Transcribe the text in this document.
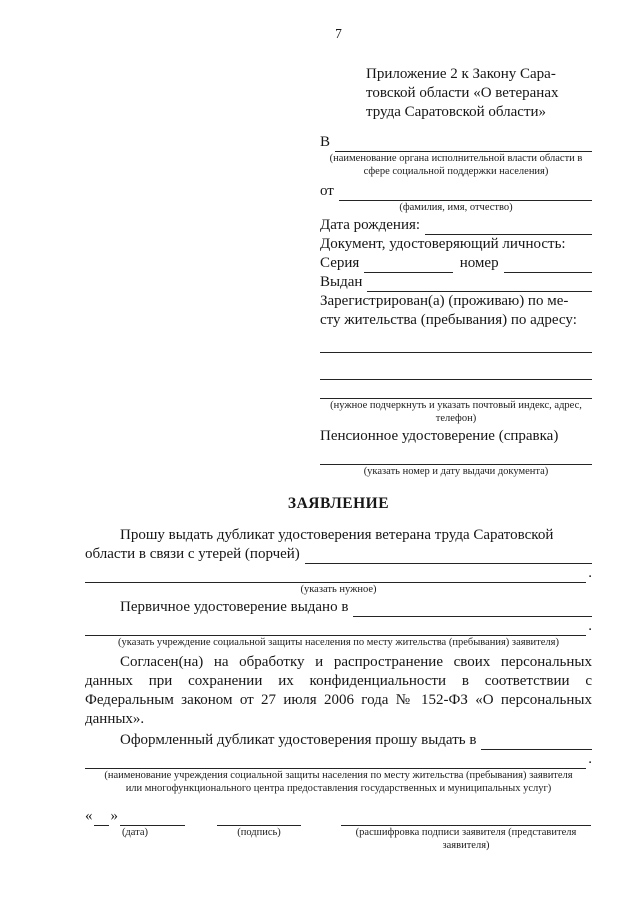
7
Приложение 2 к Закону Сара-
товской области «О ветеранах
труда Саратовской области»
В
(наименование органа исполнительной власти области в сфере социальной поддержки населения)
от
(фамилия, имя, отчество)
Дата рождения:
Документ, удостоверяющий личность:
Серия	номер
Выдан
Зарегистрирован(а) (проживаю) по ме-
сту жительства (пребывания) по адресу:
(нужное подчеркнуть и указать почтовый индекс, адрес, телефон)
Пенсионное удостоверение (справка)
(указать номер и дату выдачи документа)
ЗАЯВЛЕНИЕ
Прошу выдать дубликат удостоверения ветерана труда Саратовской
области в связи с утерей (порчей)
.
(указать нужное)
Первичное удостоверение выдано в
.
(указать учреждение социальной защиты населения по месту жительства (пребывания) заявителя)

Согласен(на) на обработку и распространение своих персональных данных при сохранении их конфиденциальности в соответствии с Федеральным законом от 27 июля 2006 года № 152-ФЗ «О персональных данных».

Оформленный дубликат удостоверения прошу выдать в
.
(наименование учреждения социальной защиты населения по месту жительства (пребывания) заявителя или многофункционального центра предоставления государственных и муниципальных услуг)
« »
(дата)	(подпись)	(расшифровка подписи заявителя (представителя заявителя)
